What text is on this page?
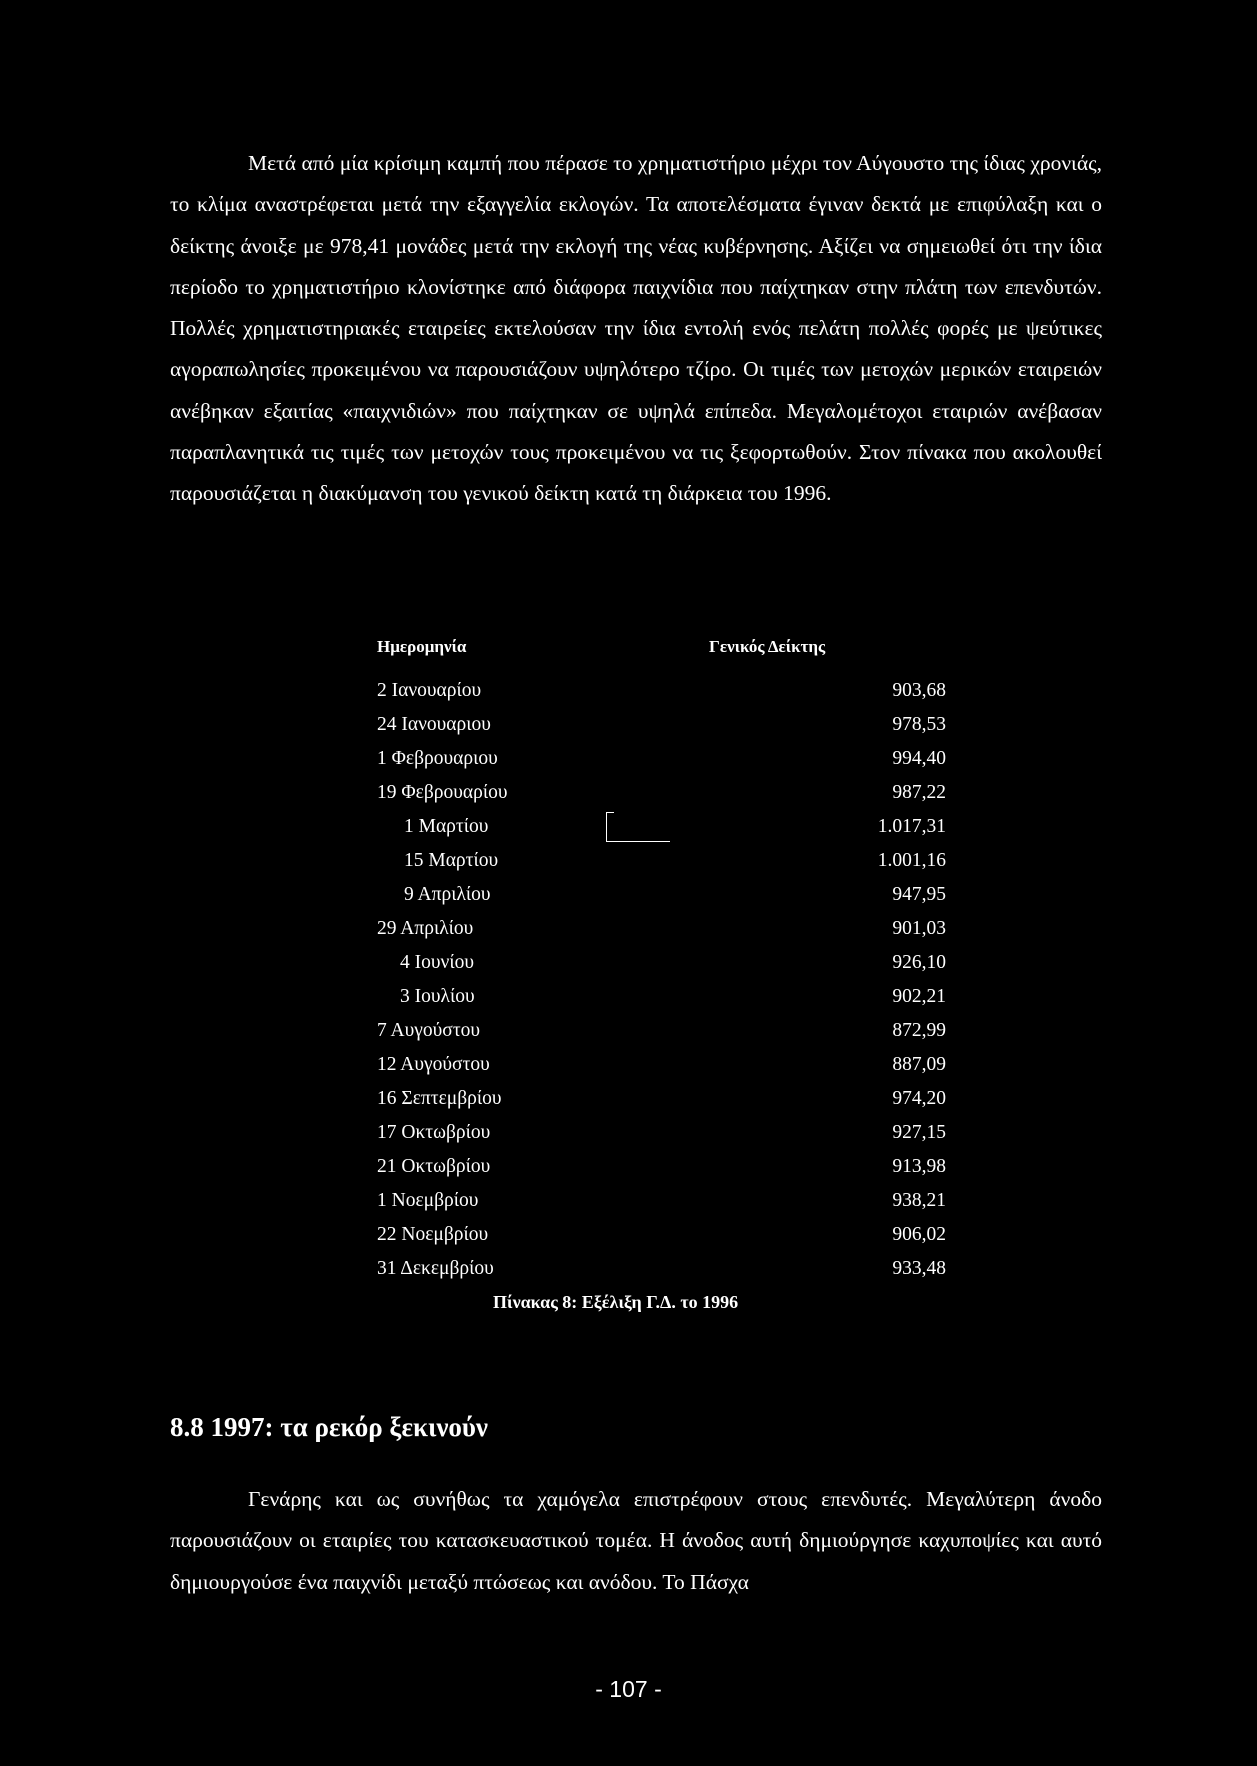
Μετά από μία κρίσιμη καμπή που πέρασε το χρηματιστήριο μέχρι τον Αύγουστο της ίδιας χρονιάς, το κλίμα αναστρέφεται μετά την εξαγγελία εκλογών. Τα αποτελέσματα έγιναν δεκτά με επιφύλαξη και ο δείκτης άνοιξε με 978,41 μονάδες μετά την εκλογή της νέας κυβέρνησης. Αξίζει να σημειωθεί ότι την ίδια περίοδο το χρηματιστήριο κλονίστηκε από διάφορα παιχνίδια που παίχτηκαν στην πλάτη των επενδυτών. Πολλές χρηματιστηριακές εταιρείες εκτελούσαν την ίδια εντολή ενός πελάτη πολλές φορές με ψεύτικες αγοραπωλησίες προκειμένου να παρουσιάζουν υψηλότερο τζίρο. Οι τιμές των μετοχών μερικών εταιρειών ανέβηκαν εξαιτίας «παιχνιδιών» που παίχτηκαν σε υψηλά επίπεδα. Μεγαλομέτοχοι εταιριών ανέβασαν παραπλανητικά τις τιμές των μετοχών τους προκειμένου να τις ξεφορτωθούν. Στον πίνακα που ακολουθεί παρουσιάζεται η διακύμανση του γενικού δείκτη κατά τη διάρκεια του 1996.

Ημερομηνία	Γενικός Δείκτης
2 Ιανουαρίου	903,68
24 Ιανουαριου	978,53
1 Φεβρουαριου	994,40
19 Φεβρουαρίου	987,22
1 Μαρτίου	1.017,31
15 Μαρτίου	1.001,16
9 Απριλίου	947,95
29 Απριλίου	901,03
4 Ιουνίου	926,10
3 Ιουλίου	902,21
7 Αυγούστου	872,99
12 Αυγούστου	887,09
16 Σεπτεμβρίου	974,20
17 Οκτωβρίου	927,15
21 Οκτωβρίου	913,98
1 Νοεμβρίου	938,21
22 Νοεμβρίου	906,02
31 Δεκεμβρίου	933,48
Πίνακας 8: Εξέλιξη Γ.Δ. το 1996
8.8 1997: τα ρεκόρ ξεκινούν

Γενάρης και ως συνήθως τα χαμόγελα επιστρέφουν στους επενδυτές. Μεγαλύτερη άνοδο παρουσιάζουν οι εταιρίες του κατασκευαστικού τομέα. Η άνοδος αυτή δημιούργησε καχυποψίες και αυτό δημιουργούσε ένα παιχνίδι μεταξύ πτώσεως και ανόδου. Το Πάσχα

- 107 -
